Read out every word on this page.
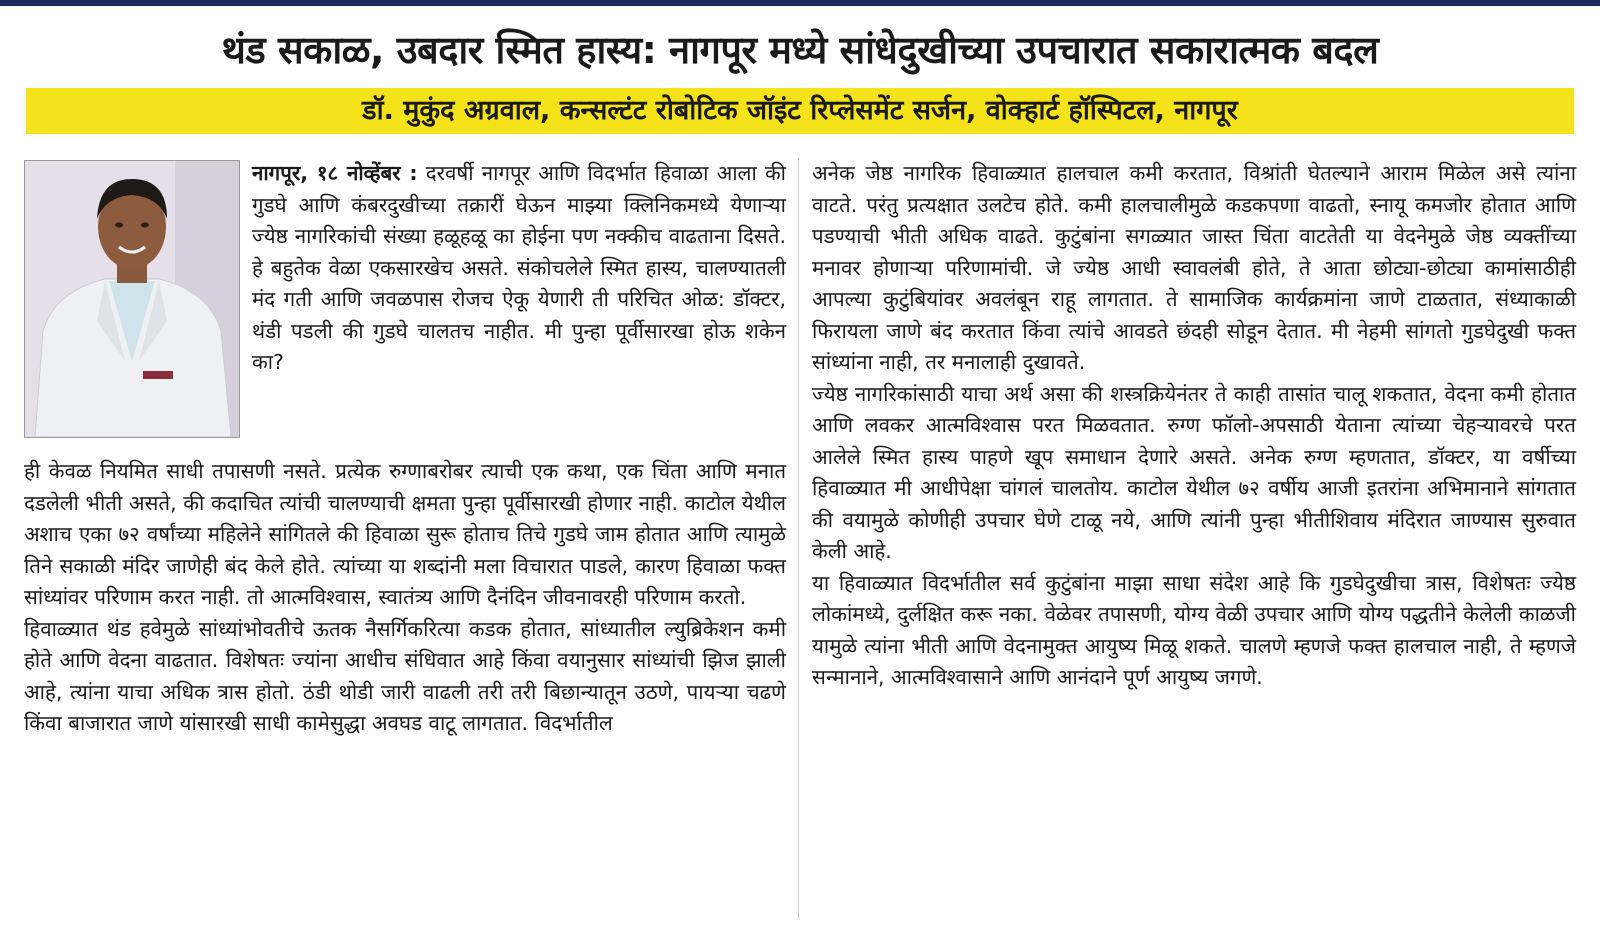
थंड सकाळ, उबदार स्मित हास्य: नागपूर मध्ये सांधेदुखीच्या उपचारात सकारात्मक बदल
डॉ. मुकुंद अग्रवाल, कन्सल्टंट रोबोटिक जॉइंट रिप्लेसमेंट सर्जन, वोक्हार्ट हॉस्पिटल, नागपूर

नागपूर, १८ नोव्हेंबर : दरवर्षी नागपूर आणि विदर्भात हिवाळा आला की गुडघे आणि कंबरदुखीच्या तक्रारीं घेऊन माझ्या क्लिनिकमध्ये येणाऱ्या ज्येष्ठ नागरिकांची संख्या हळूहळू का होईना पण नक्कीच वाढताना दिसते. हे बहुतेक वेळा एकसारखेच असते. संकोचलेले स्मित हास्य, चालण्यातली मंद गती आणि जवळपास रोजच ऐकू येणारी ती परिचित ओळ: डॉक्टर, थंडी पडली की गुडघे चालतच नाहीत. मी पुन्हा पूर्वीसारखा होऊ शकेन का?

ही केवळ नियमित साधी तपासणी नसते. प्रत्येक रुग्णाबरोबर त्याची एक कथा, एक चिंता आणि मनात दडलेली भीती असते, की कदाचित त्यांची चालण्याची क्षमता पुन्हा पूर्वीसारखी होणार नाही. काटोल येथील अशाच एका ७२ वर्षांच्या महिलेने सांगितले की हिवाळा सुरू होताच तिचे गुडघे जाम होतात आणि त्यामुळे तिने सकाळी मंदिर जाणेही बंद केले होते. त्यांच्या या शब्दांनी मला विचारात पाडले, कारण हिवाळा फक्त सांध्यांवर परिणाम करत नाही. तो आत्मविश्वास, स्वातंत्र्य आणि दैनंदिन जीवनावरही परिणाम करतो.

हिवाळ्यात थंड हवेमुळे सांध्यांभोवतीचे ऊतक नैसर्गिकरित्या कडक होतात, सांध्यातील ल्युब्रिकेशन कमी होते आणि वेदना वाढतात. विशेषतः ज्यांना आधीच संधिवात आहे किंवा वयानुसार सांध्यांची झिज झाली आहे, त्यांना याचा अधिक त्रास होतो. ठंडी थोडी जारी वाढली तरी तरी बिछान्यातून उठणे, पायऱ्या चढणे किंवा बाजारात जाणे यांसारखी साधी कामेसुद्धा अवघड वाटू लागतात. विदर्भातील

अनेक जेष्ठ नागरिक हिवाळ्यात हालचाल कमी करतात, विश्रांती घेतल्याने आराम मिळेल असे त्यांना वाटते. परंतु प्रत्यक्षात उलटेच होते. कमी हालचालीमुळे कडकपणा वाढतो, स्नायू कमजोर होतात आणि पडण्याची भीती अधिक वाढते. कुटुंबांना सगळ्यात जास्त चिंता वाटतेती या वेदनेमुळे जेष्ठ व्यक्तींच्या मनावर होणाऱ्या परिणामांची. जे ज्येष्ठ आधी स्वावलंबी होते, ते आता छोट्या-छोट्या कामांसाठीही आपल्या कुटुंबियांवर अवलंबून राहू लागतात. ते सामाजिक कार्यक्रमांना जाणे टाळतात, संध्याकाळी फिरायला जाणे बंद करतात किंवा त्यांचे आवडते छंदही सोडून देतात. मी नेहमी सांगतो गुडघेदुखी फक्त सांध्यांना नाही, तर मनालाही दुखावते.

ज्येष्ठ नागरिकांसाठी याचा अर्थ असा की शस्त्रक्रियेनंतर ते काही तासांत चालू शकतात, वेदना कमी होतात आणि लवकर आत्मविश्वास परत मिळवतात. रुग्ण फॉलो-अपसाठी येताना त्यांच्या चेहऱ्यावरचे परत आलेले स्मित हास्य पाहणे खूप समाधान देणारे असते. अनेक रुग्ण म्हणतात, डॉक्टर, या वर्षीच्या हिवाळ्यात मी आधीपेक्षा चांगलं चालतोय. काटोल येथील ७२ वर्षीय आजी इतरांना अभिमानाने सांगतात की वयामुळे कोणीही उपचार घेणे टाळू नये, आणि त्यांनी पुन्हा भीतीशिवाय मंदिरात जाण्यास सुरुवात केली आहे.

या हिवाळ्यात विदर्भातील सर्व कुटुंबांना माझा साधा संदेश आहे कि गुडघेदुखीचा त्रास, विशेषतः ज्येष्ठ लोकांमध्ये, दुर्लक्षित करू नका. वेळेवर तपासणी, योग्य वेळी उपचार आणि योग्य पद्धतीने केलेली काळजी यामुळे त्यांना भीती आणि वेदनामुक्त आयुष्य मिळू शकते. चालणे म्हणजे फक्त हालचाल नाही, ते म्हणजे सन्मानाने, आत्मविश्वासाने आणि आनंदाने पूर्ण आयुष्य जगणे.
